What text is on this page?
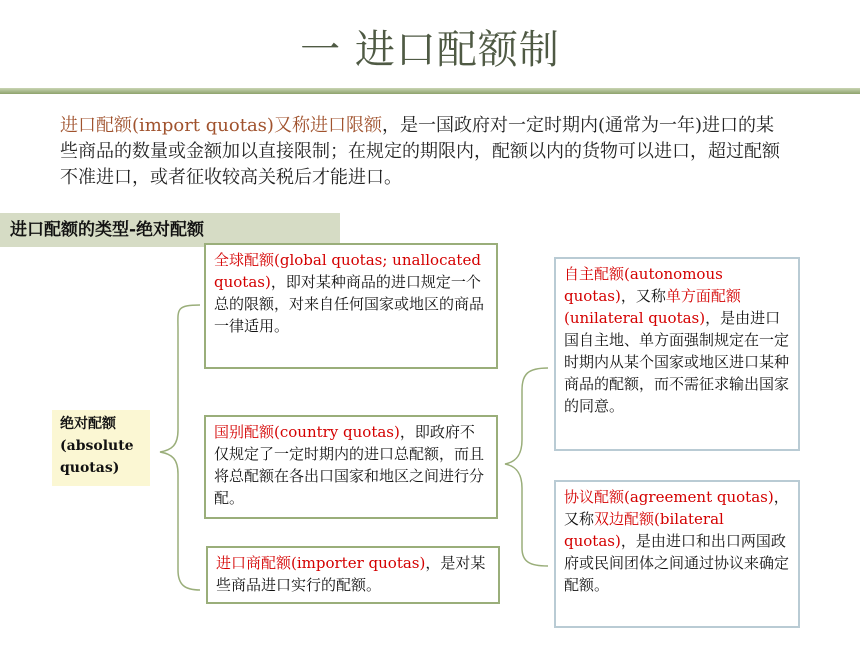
一 进口配额制
进口配额(import quotas)又称进口限额，是一国政府对一定时期内(通常为一年)进口的某些商品的数量或金额加以直接限制；在规定的期限内，配额以内的货物可以进口，超过配额不准进口，或者征收较高关税后才能进口。
进口配额的类型-绝对配额
绝对配额
(absolute
quotas)
全球配额(global quotas; unallocated quotas)，即对某种商品的进口规定一个总的限额，对来自任何国家或地区的商品一律适用。
国别配额(country quotas)，即政府不仅规定了一定时期内的进口总配额，而且将总配额在各出口国家和地区之间进行分配。
进口商配额(importer quotas)，是对某些商品进口实行的配额。
自主配额(autonomous quotas)，又称单方面配额(unilateral quotas)，是由进口国自主地、单方面强制规定在一定时期内从某个国家或地区进口某种商品的配额，而不需征求输出国家的同意。
协议配额(agreement quotas)，又称双边配额(bilateral quotas)，是由进口和出口两国政府或民间团体之间通过协议来确定配额。
